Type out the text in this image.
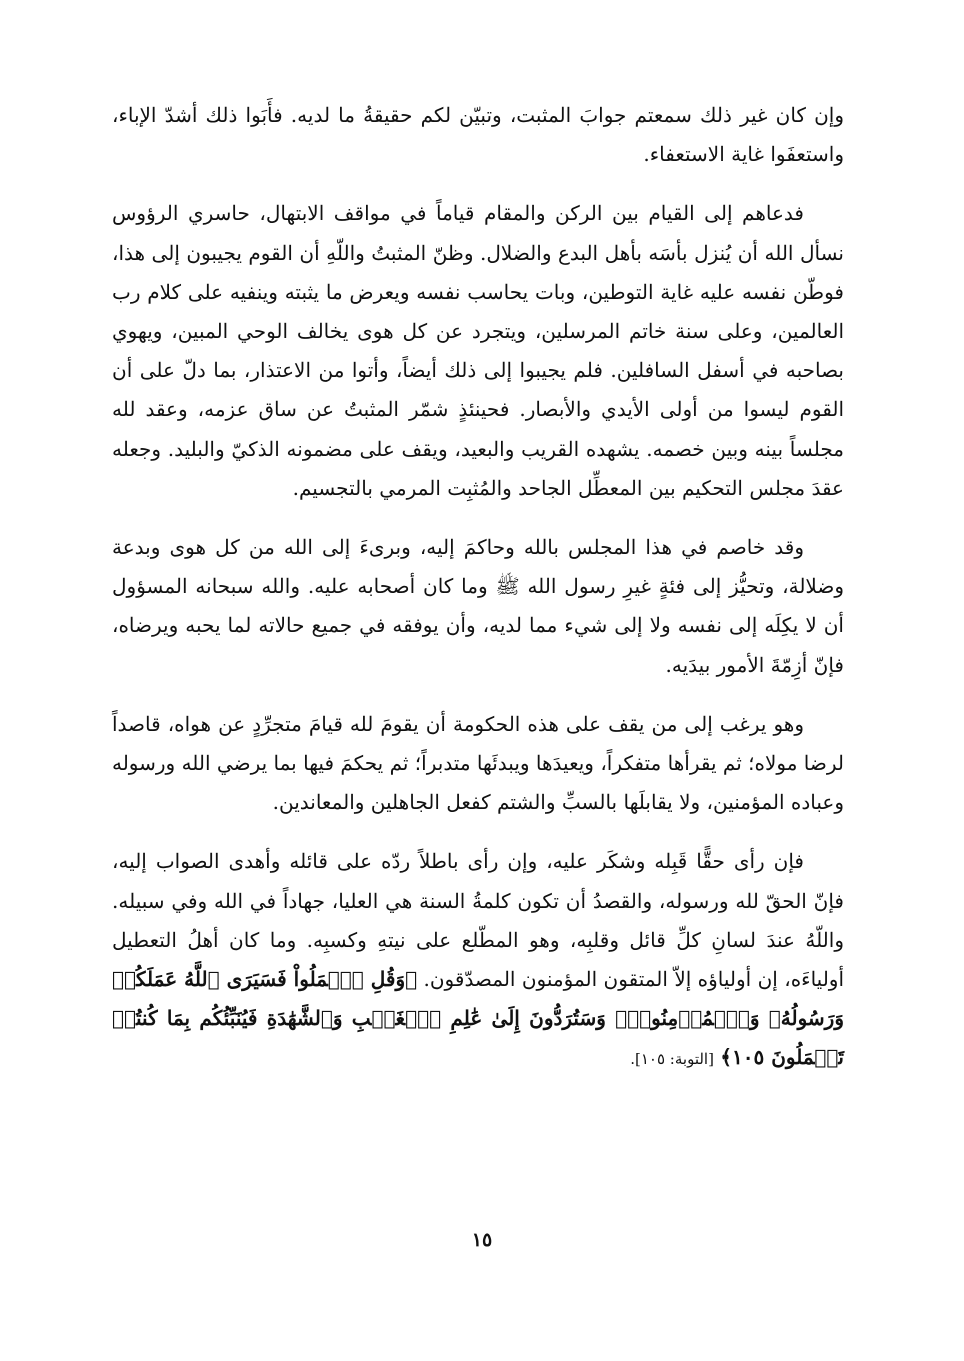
وإن كان غير ذلك سمعتم جوابَ المثبت، وتبيّن لكم حقيقةُ ما لديه. فأَبَوا ذلك أشدّ الإباء، واستعفَوا غاية الاستعفاء.

فدعاهم إلى القيام بين الركن والمقام قياماً في مواقف الابتهال، حاسري الرؤوس نسأل الله أن يُنزل بأسَه بأهل البدع والضلال. وظنّ المثبتُ واللّهِ أن القوم يجيبون إلى هذا، فوطّن نفسه عليه غاية التوطين، وبات يحاسب نفسه ويعرض ما يثبته وينفيه على كلام رب العالمين، وعلى سنة خاتم المرسلين، ويتجرد عن كل هوى يخالف الوحي المبين، ويهوي بصاحبه في أسفل السافلين. فلم يجيبوا إلى ذلك أيضاً، وأتوا من الاعتذار، بما دلّ على أن القوم ليسوا من أولى الأيدي والأبصار. فحينئذٍ شمّر المثبتُ عن ساق عزمه، وعقد لله مجلساً بينه وبين خصمه. يشهده القريب والبعيد، ويقف على مضمونه الذكيّ والبليد. وجعله عقدَ مجلس التحكيم بين المعطِّل الجاحد والمُثبِت المرمي بالتجسيم.

وقد خاصم في هذا المجلس بالله وحاكمَ إليه، وبرىءَ إلى الله من كل هوى وبدعة وضلالة، وتحيُّز إلى فئةٍ غيرِ رسول الله ﷺ وما كان أصحابه عليه. والله سبحانه المسؤول أن لا يكِلَه إلى نفسه ولا إلى شيء مما لديه، وأن يوفقه في جميع حالاته لما يحبه ويرضاه، فإنّ أزِمّةَ الأمور بيدَيه.

وهو يرغب إلى من يقف على هذه الحكومة أن يقومَ لله قيامَ متجرِّدٍ عن هواه، قاصداً لرضا مولاه؛ ثم يقرأها متفكراً، ويعيدَها ويبدئَها متدبراً؛ ثم يحكمَ فيها بما يرضي الله ورسوله وعباده المؤمنين، ولا يقابلَها بالسبِّ والشتم كفعل الجاهلين والمعاندين.

فإن رأى حقًّا قَبِله وشكَر عليه، وإن رأى باطلاً ردّه على قائله وأهدى الصواب إليه، فإنّ الحقّ لله ورسوله، والقصدُ أن تكون كلمةُ السنة هي العليا، جهاداً في الله وفي سبيله. واللّهُ عندَ لسانِ كلِّ قائل وقلبِه، وهو المطّلع على نيتهِ وكسبِه. وما كان أهلُ التعطيل أولياءَه، إن أولياؤه إلاّ المتقون المؤمنون المصدّقون. ﴿وَقُلِ ٱعۡمَلُواْ فَسَيَرَى ٱللَّهُ عَمَلَكُمۡ وَرَسُولُهُۥ وَٱلۡمُؤۡمِنُونَۖ وَسَتُرَدُّونَ إِلَىٰ عَٰلِمِ ٱلۡغَيۡبِ وَٱلشَّهَٰدَةِ فَيُنَبِّئُكُم بِمَا كُنتُمۡ تَعۡمَلُونَ ١٠٥﴾ [التوبة: ١٠٥].

١٥
